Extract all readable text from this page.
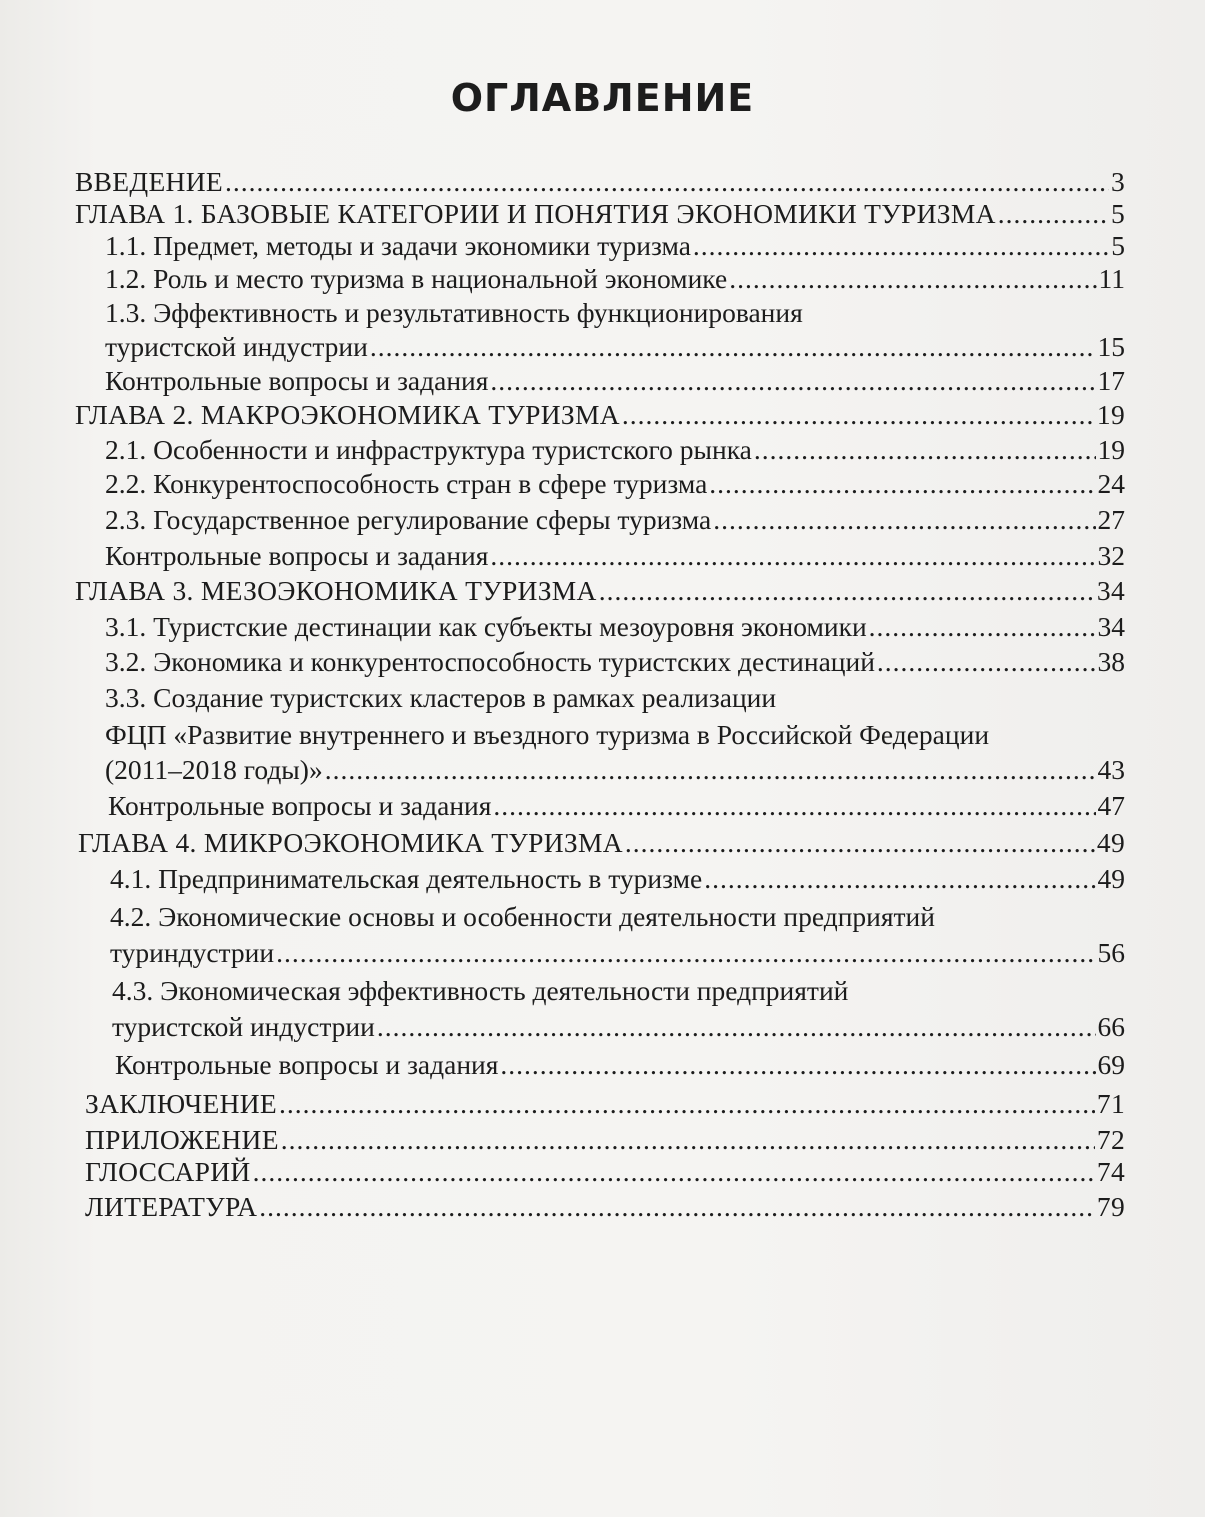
ОГЛАВЛЕНИЕ
ВВЕДЕНИЕ .....	3
ГЛАВА 1. БАЗОВЫЕ КАТЕГОРИИ И ПОНЯТИЯ ЭКОНОМИКИ ТУРИЗМА .....	5
1.1. Предмет, методы и задачи экономики туризма .....	5
1.2. Роль и место туризма в национальной экономике .....	11
1.3. Эффективность и результативность функционирования
туристской индустрии .....	15
Контрольные вопросы и задания .....	17
ГЛАВА 2. МАКРОЭКОНОМИКА ТУРИЗМА .....	19
2.1. Особенности и инфраструктура туристского рынка .....	19
2.2. Конкурентоспособность стран в сфере туризма .....	24
2.3. Государственное регулирование сферы туризма .....	27
Контрольные вопросы и задания .....	32
ГЛАВА 3. МЕЗОЭКОНОМИКА ТУРИЗМА .....	34
3.1. Туристские дестинации как субъекты мезоуровня экономики .....	34
3.2. Экономика и конкурентоспособность туристских дестинаций .....	38
3.3. Создание туристских кластеров в рамках реализации
ФЦП «Развитие внутреннего и въездного туризма в Российской Федерации
(2011–2018 годы)» .....	43
Контрольные вопросы и задания .....	47
ГЛАВА 4. МИКРОЭКОНОМИКА ТУРИЗМА .....	49
4.1. Предпринимательская деятельность в туризме .....	49
4.2. Экономические основы и особенности деятельности предприятий
туриндустрии .....	56
4.3. Экономическая эффективность деятельности предприятий
туристской индустрии .....	66
Контрольные вопросы и задания .....	69
ЗАКЛЮЧЕНИЕ .....	71
ПРИЛОЖЕНИЕ .....	72
ГЛОССАРИЙ .....	74
ЛИТЕРАТУРА .....	79
